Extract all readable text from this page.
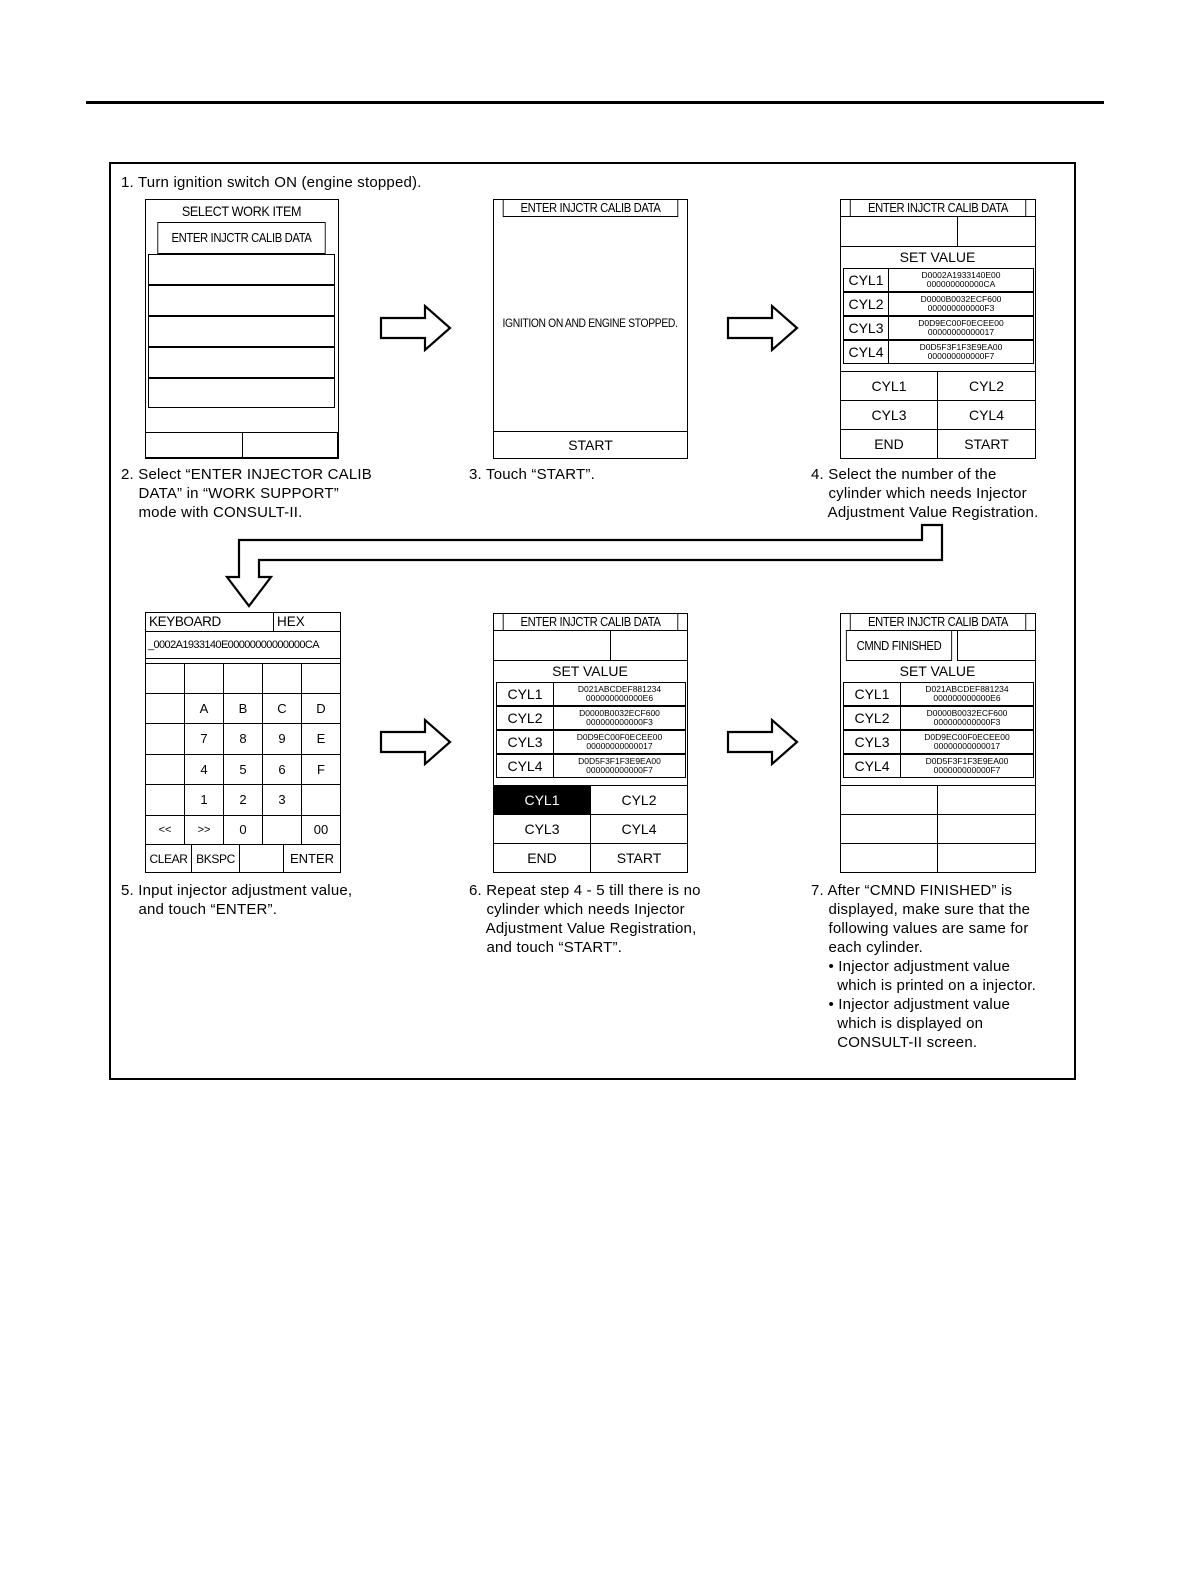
1. Turn ignition switch ON (engine stopped).
2. Select “ENTER INJECTOR CALIB
DATA” in “WORK SUPPORT”
mode with CONSULT-II.
3. Touch “START”.	4. Select the number of the
cylinder which needs Injector
Adjustment Value Registration.
5. Input injector adjustment value,
and touch “ENTER”.
6. Repeat step 4 - 5 till there is no
cylinder which needs Injector
Adjustment Value Registration,
and touch “START”.
7. After “CMND FINISHED” is
displayed, make sure that the
following values are same for
each cylinder.
• Injector adjustment value
which is printed on a injector.
• Injector adjustment value
which is displayed on
CONSULT-II screen.
SELECT WORK ITEM
ENTER INJCTR CALIB DATA
ENTER INJCTR CALIB DATA
IGNITION ON AND ENGINE STOPPED.
START
ENTER INJCTR CALIB DATA
SET VALUE
CYL1	D0002A1933140E00
000000000000CA
CYL2	D0000B0032ECF600
000000000000F3
CYL3	D0D9EC00F0ECEE00
00000000000017
CYL4	D0D5F3F1F3E9EA00
000000000000F7
CYL1	CYL2
CYL3	CYL4
END	START
KEYBOARD	HEX
_0002A1933140E00000000000000CA
A	B	C	D
7	8	9	E
4	5	6	F
1	2	3
<<	>>	0	00
CLEAR BKSPC	ENTER
ENTER INJCTR CALIB DATA
SET VALUE
CYL1	D021ABCDEF881234
000000000000E6
CYL2	D0000B0032ECF600
000000000000F3
CYL3	D0D9EC00F0ECEE00
00000000000017
CYL4	D0D5F3F1F3E9EA00
000000000000F7
CYL1	CYL2
CYL3	CYL4
END	START
ENTER INJCTR CALIB DATA
CMND FINISHED
SET VALUE
CYL1	D021ABCDEF881234
000000000000E6
CYL2	D0000B0032ECF600
000000000000F3
CYL3	D0D9EC00F0ECEE00
00000000000017
CYL4	D0D5F3F1F3E9EA00
000000000000F7
